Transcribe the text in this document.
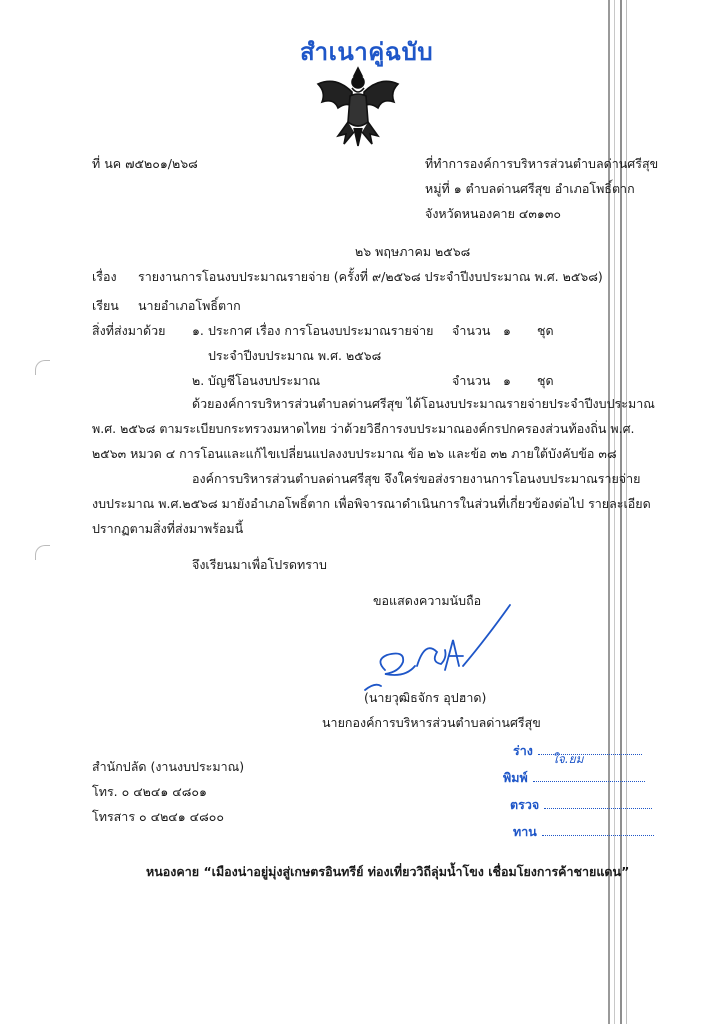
สำเนาคู่ฉบับ
ที่ นค ๗๕๒๐๑/๒๖๘	ที่ทำการองค์การบริหารส่วนตำบลด่านศรีสุข
หมู่ที่ ๑ ตำบลด่านศรีสุข อำเภอโพธิ์ตาก
จังหวัดหนองคาย ๔๓๑๓๐
๒๖ พฤษภาคม ๒๕๖๘
เรื่อง รายงานการโอนงบประมาณรายจ่าย (ครั้งที่ ๙/๒๕๖๘ ประจำปีงบประมาณ พ.ศ. ๒๕๖๘)
เรียน นายอำเภอโพธิ์ตาก
สิ่งที่ส่งมาด้วย ๑. ประกาศ เรื่อง การโอนงบประมาณรายจ่าย จำนวน ๑ ชุด
ประจำปีงบประมาณ พ.ศ. ๒๕๖๘
๒. บัญชีโอนงบประมาณ	จำนวน ๑ ชุด
ด้วยองค์การบริหารส่วนตำบลด่านศรีสุข ได้โอนงบประมาณรายจ่ายประจำปีงบประมาณ
พ.ศ. ๒๕๖๘ ตามระเบียบกระทรวงมหาดไทย ว่าด้วยวิธีการงบประมาณองค์กรปกครองส่วนท้องถิ่น พ.ศ.
๒๕๖๓ หมวด ๔ การโอนและแก้ไขเปลี่ยนแปลงงบประมาณ ข้อ ๒๖ และข้อ ๓๒ ภายใต้บังคับข้อ ๓๘
องค์การบริหารส่วนตำบลด่านศรีสุข จึงใคร่ขอส่งรายงานการโอนงบประมาณรายจ่าย
งบประมาณ พ.ศ.๒๕๖๘ มายังอำเภอโพธิ์ตาก เพื่อพิจารณาดำเนินการในส่วนที่เกี่ยวข้องต่อไป รายละเอียด
ปรากฏตามสิ่งที่ส่งมาพร้อมนี้
จึงเรียนมาเพื่อโปรดทราบ
ขอแสดงความนับถือ
(นายวุฒิธจักร อุปฮาด)
นายกองค์การบริหารส่วนตำบลด่านศรีสุข
สำนักปลัด (งานงบประมาณ)
โทร. ๐ ๔๒๔๑ ๔๘๐๑
โทรสาร ๐ ๔๒๔๑ ๔๘๐๐
ร่าง
ใจ.ยม
พิมพ์
ตรวจ
ทาน
หนองคาย “เมืองน่าอยู่มุ่งสู่เกษตรอินทรีย์ ท่องเที่ยววิถีลุ่มน้ำโขง เชื่อมโยงการค้าชายแดน”
